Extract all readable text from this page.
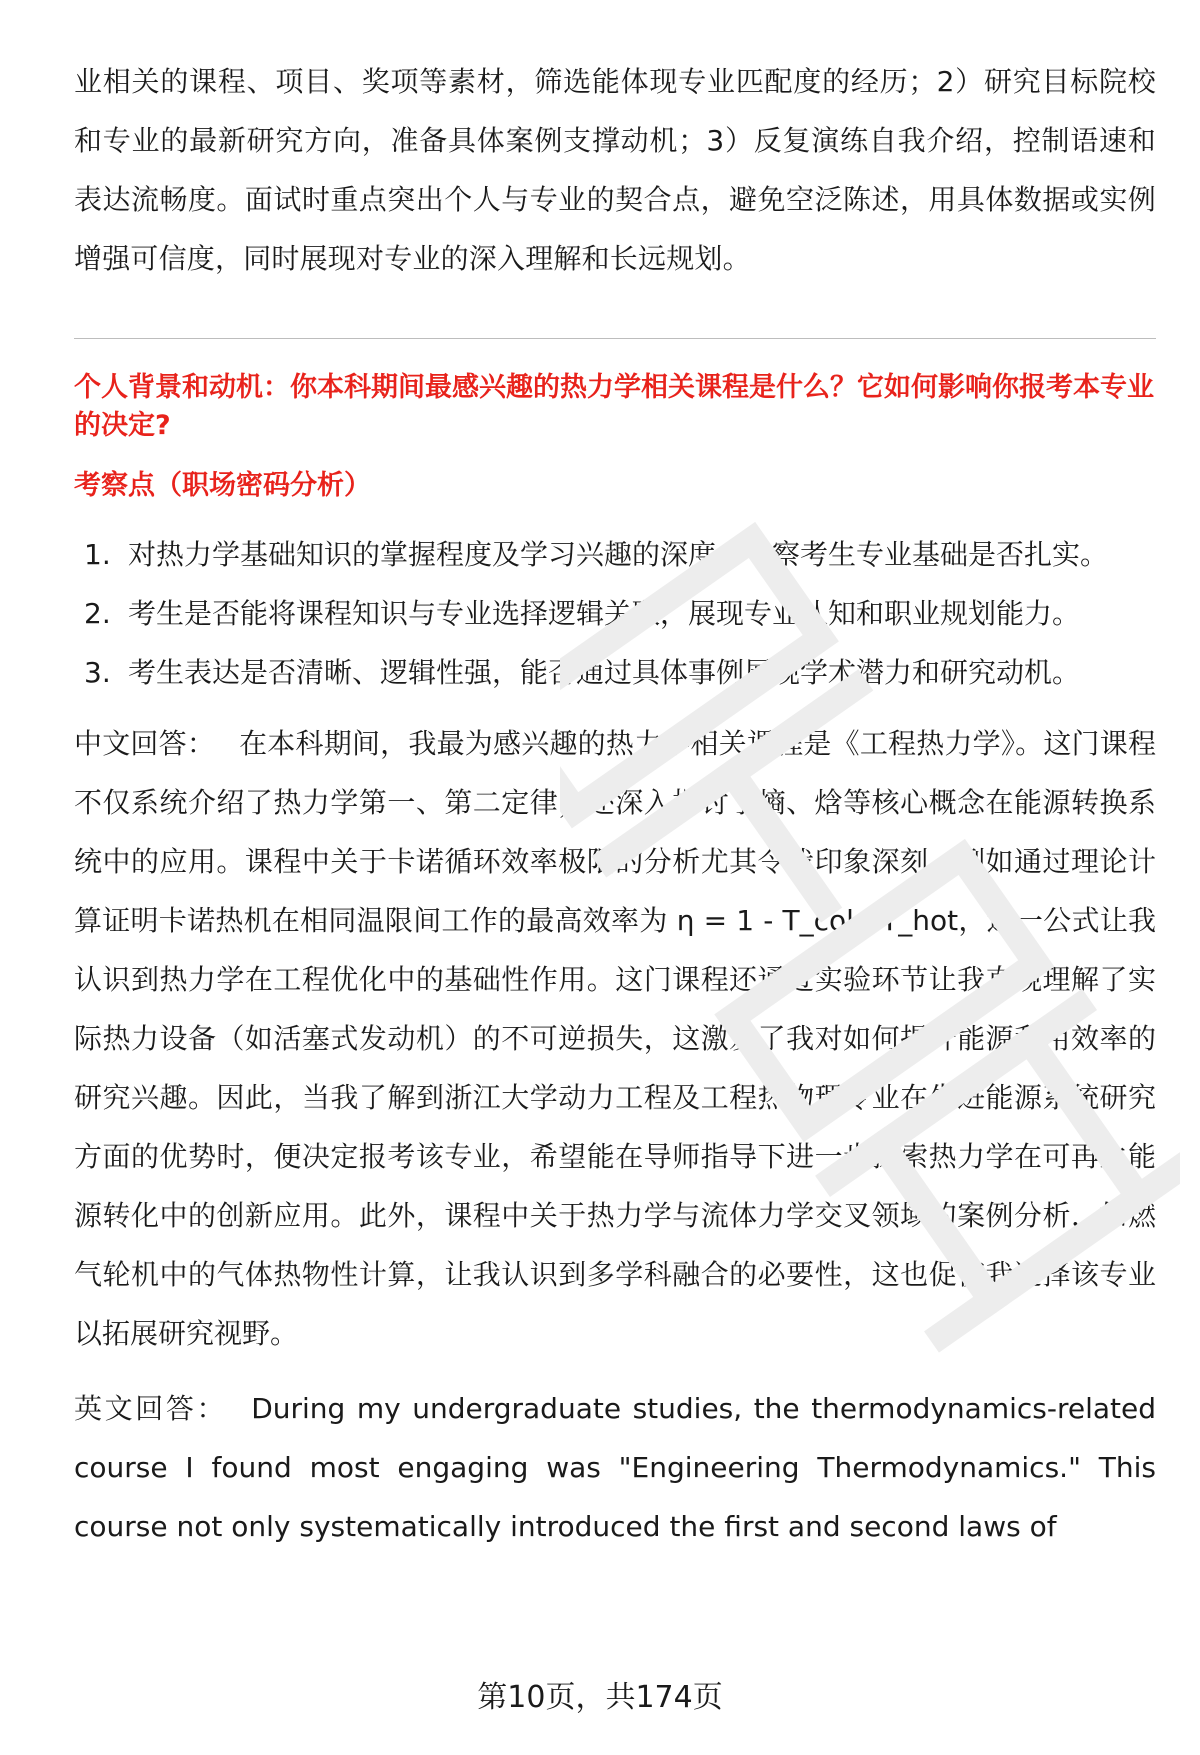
业相关的课程、项目、奖项等素材，筛选能体现专业匹配度的经历；2）研究目标院校和专业的最新研究方向，准备具体案例支撑动机；3）反复演练自我介绍，控制语速和表达流畅度。面试时重点突出个人与专业的契合点，避免空泛陈述，用具体数据或实例增强可信度，同时展现对专业的深入理解和长远规划。

个人背景和动机：你本科期间最感兴趣的热力学相关课程是什么？它如何影响你报考本专业的决定?

考察点（职场密码分析）

1. 对热力学基础知识的掌握程度及学习兴趣的深度，考察考生专业基础是否扎实。
2. 考生是否能将课程知识与专业选择逻辑关联，展现专业认知和职业规划能力。
3. 考生表达是否清晰、逻辑性强，能否通过具体事例展现学术潜力和研究动机。

中文回答： 在本科期间，我最为感兴趣的热力学相关课程是《工程热力学》。这门课程不仅系统介绍了热力学第一、第二定律，还深入探讨了熵、焓等核心概念在能源转换系统中的应用。课程中关于卡诺循环效率极限的分析尤其令我印象深刻，例如通过理论计算证明卡诺热机在相同温限间工作的最高效率为 η = 1 - T_cold/T_hot，这一公式让我认识到热力学在工程优化中的基础性作用。这门课程还通过实验环节让我直观理解了实际热力设备（如活塞式发动机）的不可逆损失，这激发了我对如何提升能源利用效率的研究兴趣。因此，当我了解到浙江大学动力工程及工程热物理专业在先进能源系统研究方面的优势时，便决定报考该专业，希望能在导师指导下进一步探索热力学在可再生能源转化中的创新应用。此外，课程中关于热力学与流体力学交叉领域的案例分析，如燃气轮机中的气体热物性计算，让我认识到多学科融合的必要性，这也促使我选择该专业以拓展研究视野。

英文回答： During my undergraduate studies, the thermodynamics-related course I found most engaging was "Engineering Thermodynamics." This course not only systematically introduced the first and second laws of

第10页，共174页
